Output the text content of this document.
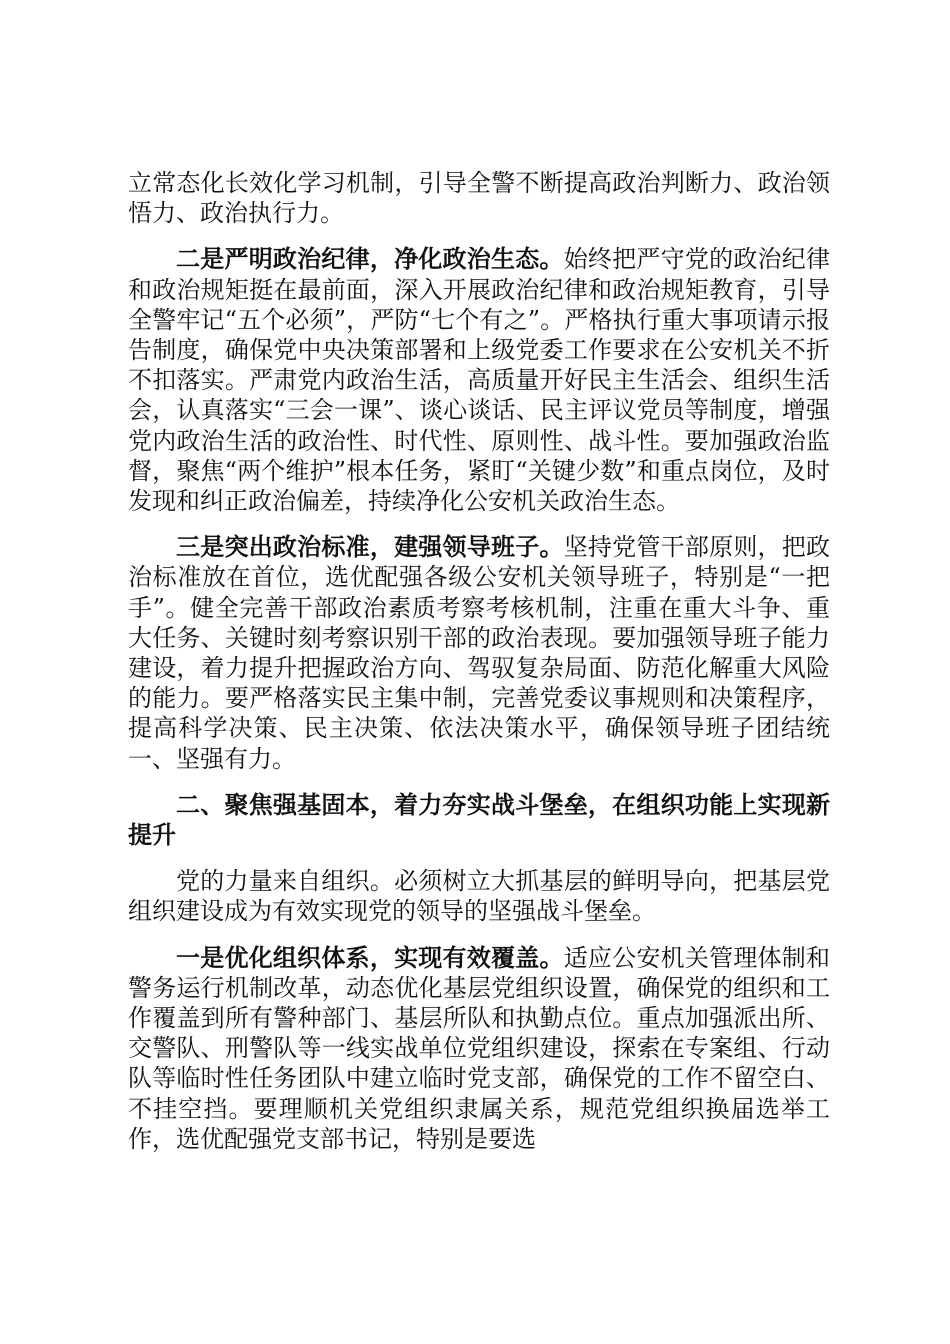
立常态化长效化学习机制，引导全警不断提高政治判断力、政治领悟力、政治执行力。

二是严明政治纪律，净化政治生态。始终把严守党的政治纪律和政治规矩挺在最前面，深入开展政治纪律和政治规矩教育，引导全警牢记“五个必须”，严防“七个有之”。严格执行重大事项请示报告制度，确保党中央决策部署和上级党委工作要求在公安机关不折不扣落实。严肃党内政治生活，高质量开好民主生活会、组织生活会，认真落实“三会一课”、谈心谈话、民主评议党员等制度，增强党内政治生活的政治性、时代性、原则性、战斗性。要加强政治监督，聚焦“两个维护”根本任务，紧盯“关键少数”和重点岗位，及时发现和纠正政治偏差，持续净化公安机关政治生态。

三是突出政治标准，建强领导班子。坚持党管干部原则，把政治标准放在首位，选优配强各级公安机关领导班子，特别是“一把手”。健全完善干部政治素质考察考核机制，注重在重大斗争、重大任务、关键时刻考察识别干部的政治表现。要加强领导班子能力建设，着力提升把握政治方向、驾驭复杂局面、防范化解重大风险的能力。要严格落实民主集中制，完善党委议事规则和决策程序，提高科学决策、民主决策、依法决策水平，确保领导班子团结统一、坚强有力。

二、聚焦强基固本，着力夯实战斗堡垒，在组织功能上实现新提升

党的力量来自组织。必须树立大抓基层的鲜明导向，把基层党组织建设成为有效实现党的领导的坚强战斗堡垒。

一是优化组织体系，实现有效覆盖。适应公安机关管理体制和警务运行机制改革，动态优化基层党组织设置，确保党的组织和工作覆盖到所有警种部门、基层所队和执勤点位。重点加强派出所、交警队、刑警队等一线实战单位党组织建设，探索在专案组、行动队等临时性任务团队中建立临时党支部，确保党的工作不留空白、不挂空挡。要理顺机关党组织隶属关系，规范党组织换届选举工作，选优配强党支部书记，特别是要选
